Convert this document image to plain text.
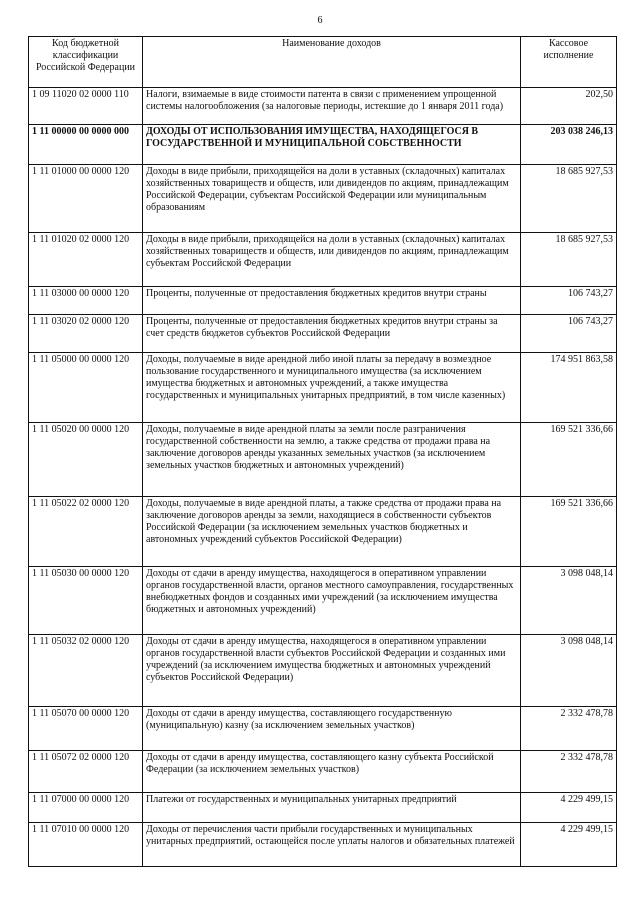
6
Код бюджетной классификации Российской Федерации	Наименование доходов	Кассовое исполнение
1 09 11020 02 0000 110	Налоги, взимаемые в виде стоимости патента в связи с применением упрощенной системы налогообложения (за налоговые периоды, истекшие до 1 января 2011 года)	202,50
1 11 00000 00 0000 000	ДОХОДЫ ОТ ИСПОЛЬЗОВАНИЯ ИМУЩЕСТВА, НАХОДЯЩЕГОСЯ В ГОСУДАРСТВЕННОЙ И МУНИЦИПАЛЬНОЙ СОБСТВЕННОСТИ	203 038 246,13
1 11 01000 00 0000 120	Доходы в виде прибыли, приходящейся на доли в уставных (складочных) капиталах хозяйственных товариществ и обществ, или дивидендов по акциям, принадлежащим Российской Федерации, субъектам Российской Федерации или муниципальным образованиям	18 685 927,53
1 11 01020 02 0000 120	Доходы в виде прибыли, приходящейся на доли в уставных (складочных) капиталах хозяйственных товариществ и обществ, или дивидендов по акциям, принадлежащим субъектам Российской Федерации	18 685 927,53
1 11 03000 00 0000 120	Проценты, полученные от предоставления бюджетных кредитов внутри страны	106 743,27
1 11 03020 02 0000 120	Проценты, полученные от предоставления бюджетных кредитов внутри страны за счет средств бюджетов субъектов Российской Федерации	106 743,27
1 11 05000 00 0000 120	Доходы, получаемые в виде арендной либо иной платы за передачу в возмездное пользование государственного и муниципального имущества (за исключением имущества бюджетных и автономных учреждений, а также имущества государственных и муниципальных унитарных предприятий, в том числе казенных)	174 951 863,58
1 11 05020 00 0000 120	Доходы, получаемые в виде арендной платы за земли после разграничения государственной собственности на землю, а также средства от продажи права на заключение договоров аренды указанных земельных участков (за исключением земельных участков бюджетных и автономных учреждений)	169 521 336,66
1 11 05022 02 0000 120	Доходы, получаемые в виде арендной платы, а также средства от продажи права на заключение договоров аренды за земли, находящиеся в собственности субъектов Российской Федерации (за исключением земельных участков бюджетных и автономных учреждений субъектов Российской Федерации)	169 521 336,66
1 11 05030 00 0000 120	Доходы от сдачи в аренду имущества, находящегося в оперативном управлении органов государственной власти, органов местного самоуправления, государственных внебюджетных фондов и созданных ими учреждений (за исключением имущества бюджетных и автономных учреждений)	3 098 048,14
1 11 05032 02 0000 120	Доходы от сдачи в аренду имущества, находящегося в оперативном управлении органов государственной власти субъектов Российской Федерации и созданных ими учреждений (за исключением имущества бюджетных и автономных учреждений субъектов Российской Федерации)	3 098 048,14
1 11 05070 00 0000 120	Доходы от сдачи в аренду имущества, составляющего государственную (муниципальную) казну (за исключением земельных участков)	2 332 478,78
1 11 05072 02 0000 120	Доходы от сдачи в аренду имущества, составляющего казну субъекта Российской Федерации (за исключением земельных участков)	2 332 478,78
1 11 07000 00 0000 120	Платежи от государственных и муниципальных унитарных предприятий	4 229 499,15
1 11 07010 00 0000 120	Доходы от перечисления части прибыли государственных и муниципальных унитарных предприятий, остающейся после уплаты налогов и обязательных платежей	4 229 499,15
